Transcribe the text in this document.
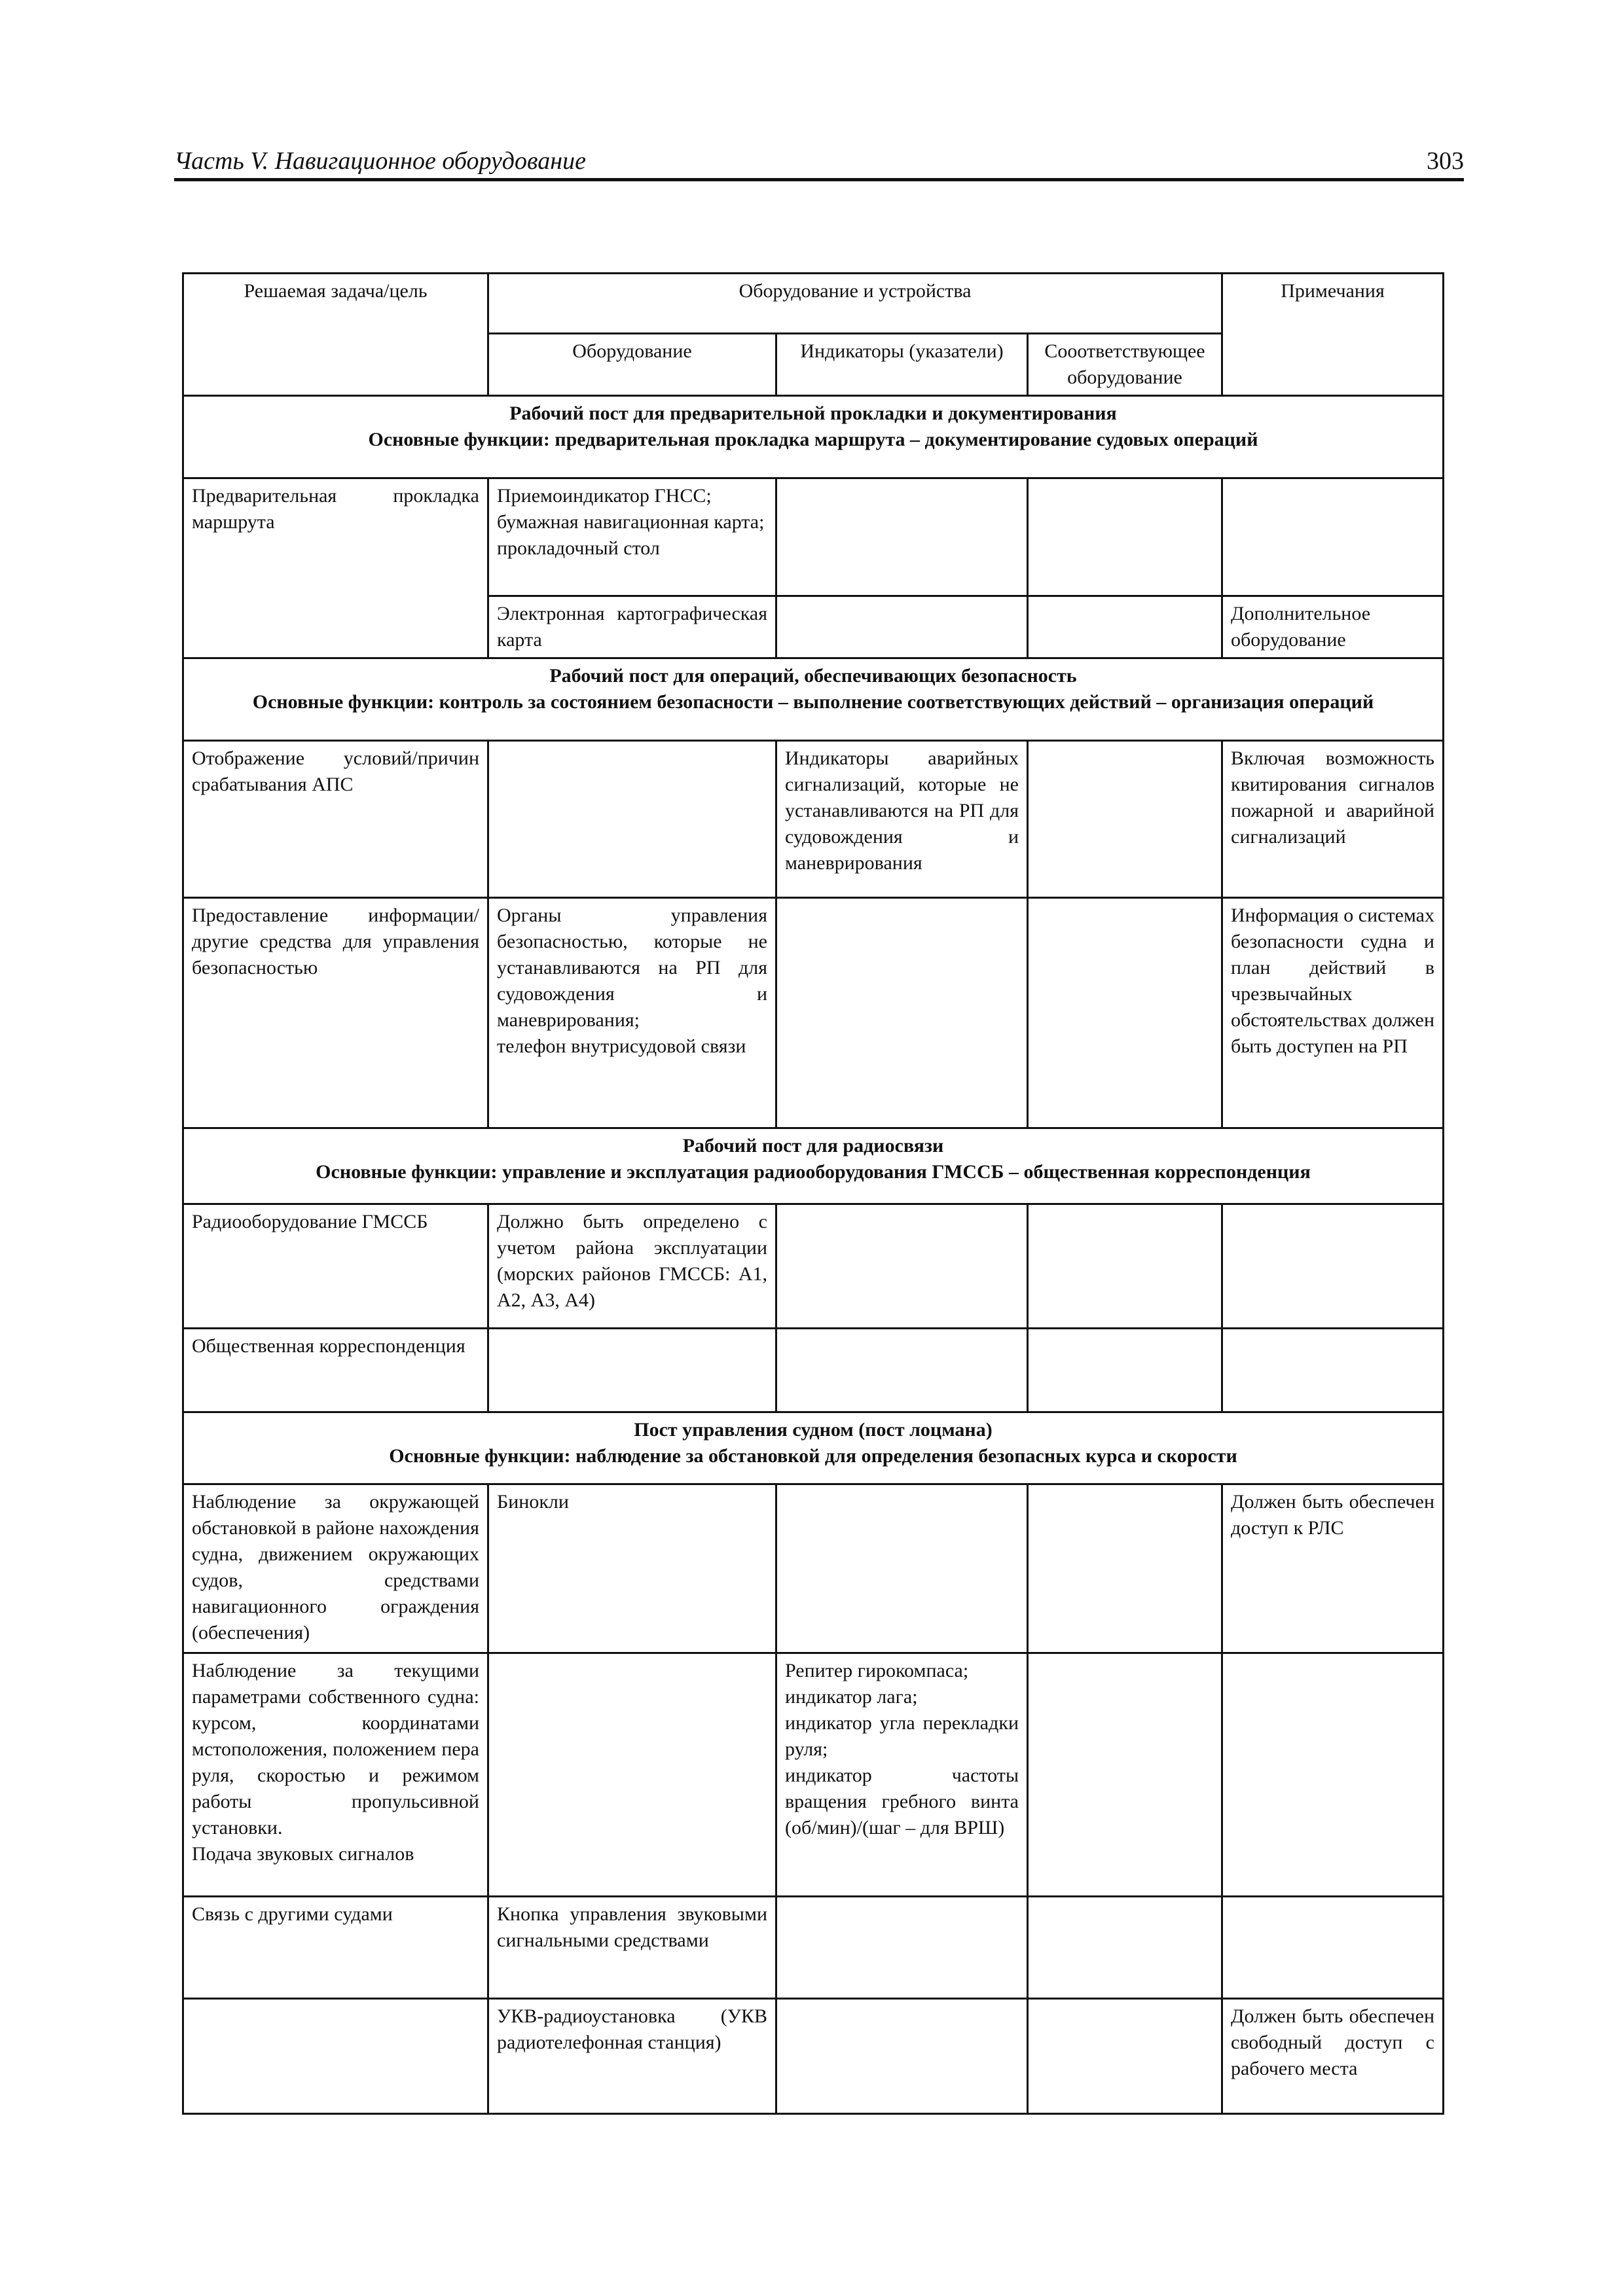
Часть V. Навигационное оборудование	303
Решаемая задача/цель	Оборудование и устройства			Примечания
	Оборудование	Индикаторы (указатели)	Сооответствующее оборудование	

Рабочий пост для предварительной прокладки и документирования
Основные функции: предварительная прокладка маршрута – документирование судовых операций				

Предварительная прокладка маршрута	Приемоиндикатор ГНСС;
бумажная навигационная карта;
прокладочный стол			
	Электронная картографическая карта			Дополнительное оборудование

Рабочий пост для операций, обеспечивающих безопасность
Основные функции: контроль за состоянием безопасности – выполнение соответствующих действий – организация операций				

Отображение условий/причин срабатывания АПС		Индикаторы аварийных сигнализаций, которые не устанавливаются на РП для судовождения и маневрирования		Включая возможность квитирования сигналов пожарной и аварийной сигнализаций
Предоставление информации/другие средства для управления безопасностью	Органы управления безопасностью, которые не устанавливаются на РП для судовождения и маневрирования;
телефон внутрисудовой связи			Информация о системах безопасности судна и план действий в чрезвычайных обстоятельствах должен быть доступен на РП

Рабочий пост для радиосвязи
Основные функции: управление и эксплуатация радиооборудования ГМССБ – общественная корреспонденция				

Радиооборудование ГМССБ	Должно быть определено с учетом района эксплуатации (морских районов ГМССБ: А1, А2, А3, А4)			
Общественная корреспонденция				

Пост управления судном (пост лоцмана)
Основные функции: наблюдение за обстановкой для определения безопасных курса и скорости				

Наблюдение за окружающей обстановкой в районе нахождения судна, движением окружающих судов, средствами навигационного ограждения (обеспечения)	Бинокли			Должен быть обеспечен доступ к РЛС
Наблюдение за текущими параметрами собственного судна: курсом, координатами мстоположения, положением пера руля, скоростью и режимом работы пропульсивной установки.
Подача звуковых сигналов		Репитер гирокомпаса;
индикатор лага;
индикатор угла перекладки руля;
индикатор частоты вращения гребного винта (об/мин)/(шаг – для ВРШ)		
Связь с другими судами	Кнопка управления звуковыми сигнальными средствами			
	УКВ-радиоустановка (УКВ радиотелефонная станция)			Должен быть обеспечен свободный доступ с рабочего места
